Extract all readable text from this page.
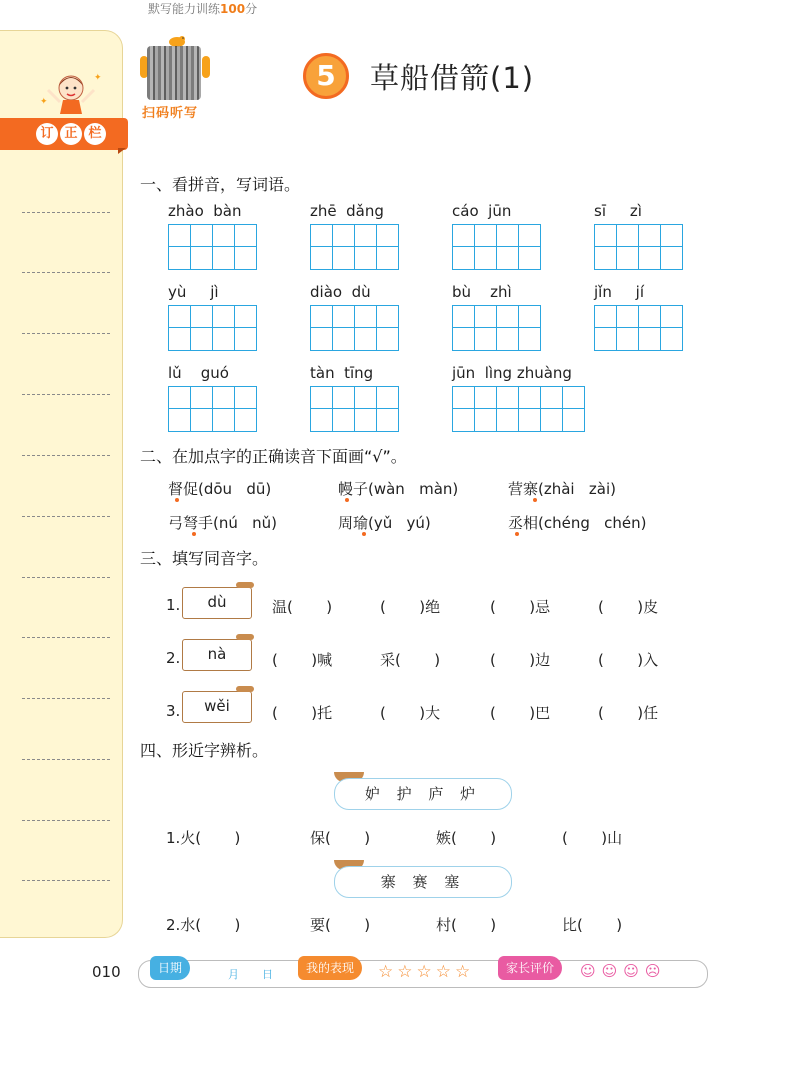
默写能力训练100分
✦
✦
订 正 栏
扫码听写
5	草船借箭(1)
一、看拼音，写词语。
zhào  bàn	zhē  dǎng	cáo  jūn	sī     zì
yù     jì	diào  dù	bù    zhì	jǐn     jí
lǔ    guó	tàn  tīng	jūn  lìng zhuàng
二、在加点字的正确读音下面画“√”。
督促(dōu   dū)	幔子(wàn   màn)	营寨(zhài   zài)
弓弩手(nú   nǔ)	周瑜(yǔ   yú)	丞相(chéng   chén)
三、填写同音字。
1.	dù	温(       )	(       )绝	(       )忌	(       )皮
2.	nà	(       )喊	采(       )	(       )边	(       )入
3.	wěi	(       )托	(       )大	(       )巴	(       )任
四、形近字辨析。
妒 护 庐 炉
1.火(       )	保(       )	嫉(       )	(       )山
寨 赛 塞
2.水(       )	要(       )	村(       )	比(       )
010	日期	月 日	我的表现	☆☆☆☆☆	家长评价	☺☺☺☹
